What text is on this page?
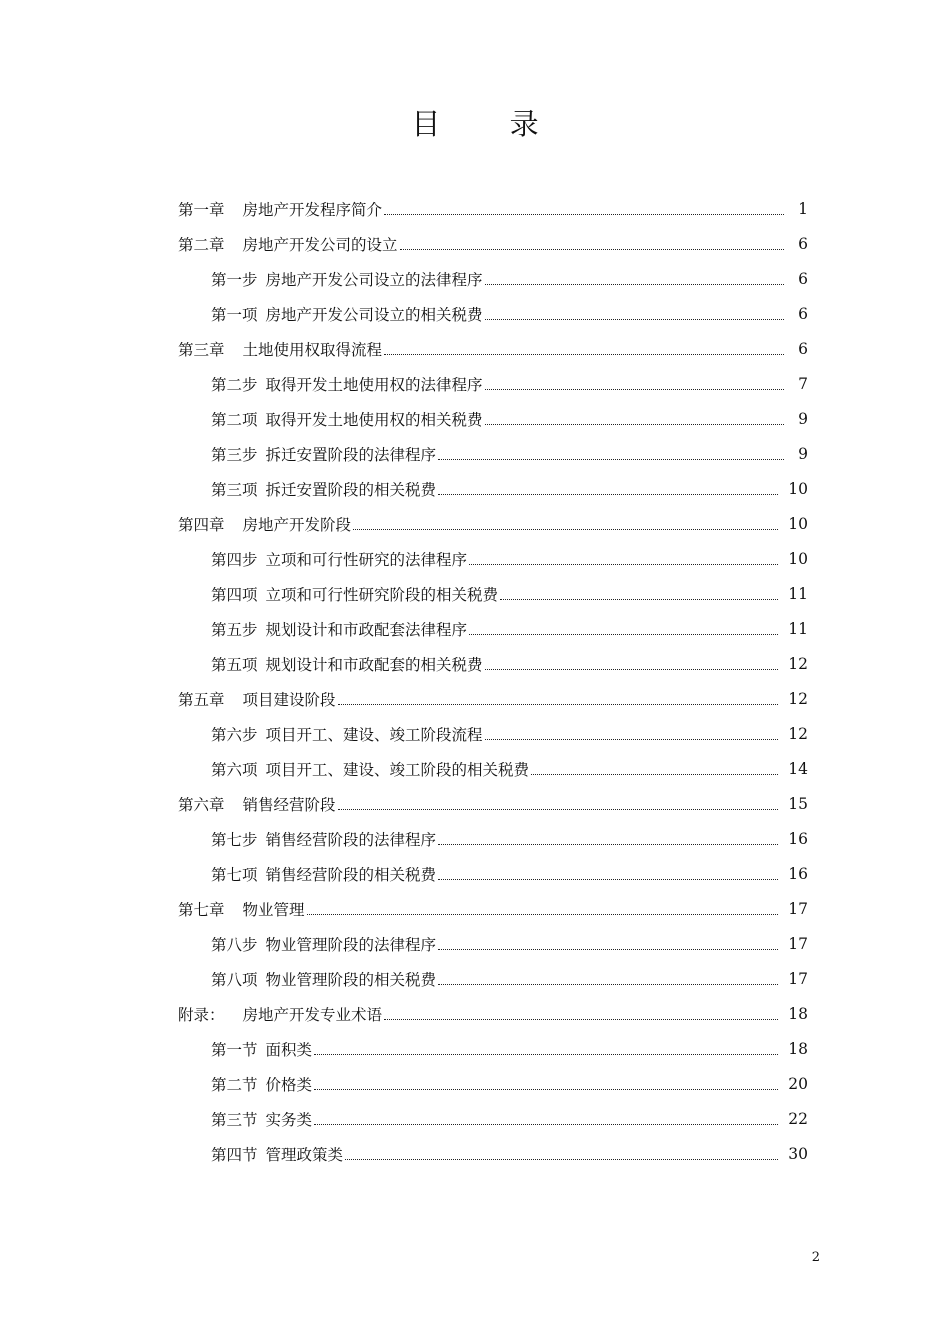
目 录
第一章 房地产开发程序简介	1
第二章 房地产开发公司的设立	6
第一步 房地产开发公司设立的法律程序	6
第一项 房地产开发公司设立的相关税费	6
第三章 土地使用权取得流程	6
第二步 取得开发土地使用权的法律程序	7
第二项 取得开发土地使用权的相关税费	9
第三步 拆迁安置阶段的法律程序	9
第三项 拆迁安置阶段的相关税费	10
第四章 房地产开发阶段	10
第四步 立项和可行性研究的法律程序	10
第四项 立项和可行性研究阶段的相关税费	11
第五步 规划设计和市政配套法律程序	11
第五项 规划设计和市政配套的相关税费	12
第五章 项目建设阶段	12
第六步 项目开工、建设、竣工阶段流程	12
第六项 项目开工、建设、竣工阶段的相关税费	14
第六章 销售经营阶段	15
第七步 销售经营阶段的法律程序	16
第七项 销售经营阶段的相关税费	16
第七章 物业管理	17
第八步 物业管理阶段的法律程序	17
第八项 物业管理阶段的相关税费	17
附录： 房地产开发专业术语	18
第一节 面积类	18
第二节 价格类	20
第三节 实务类	22
第四节 管理政策类	30
2
